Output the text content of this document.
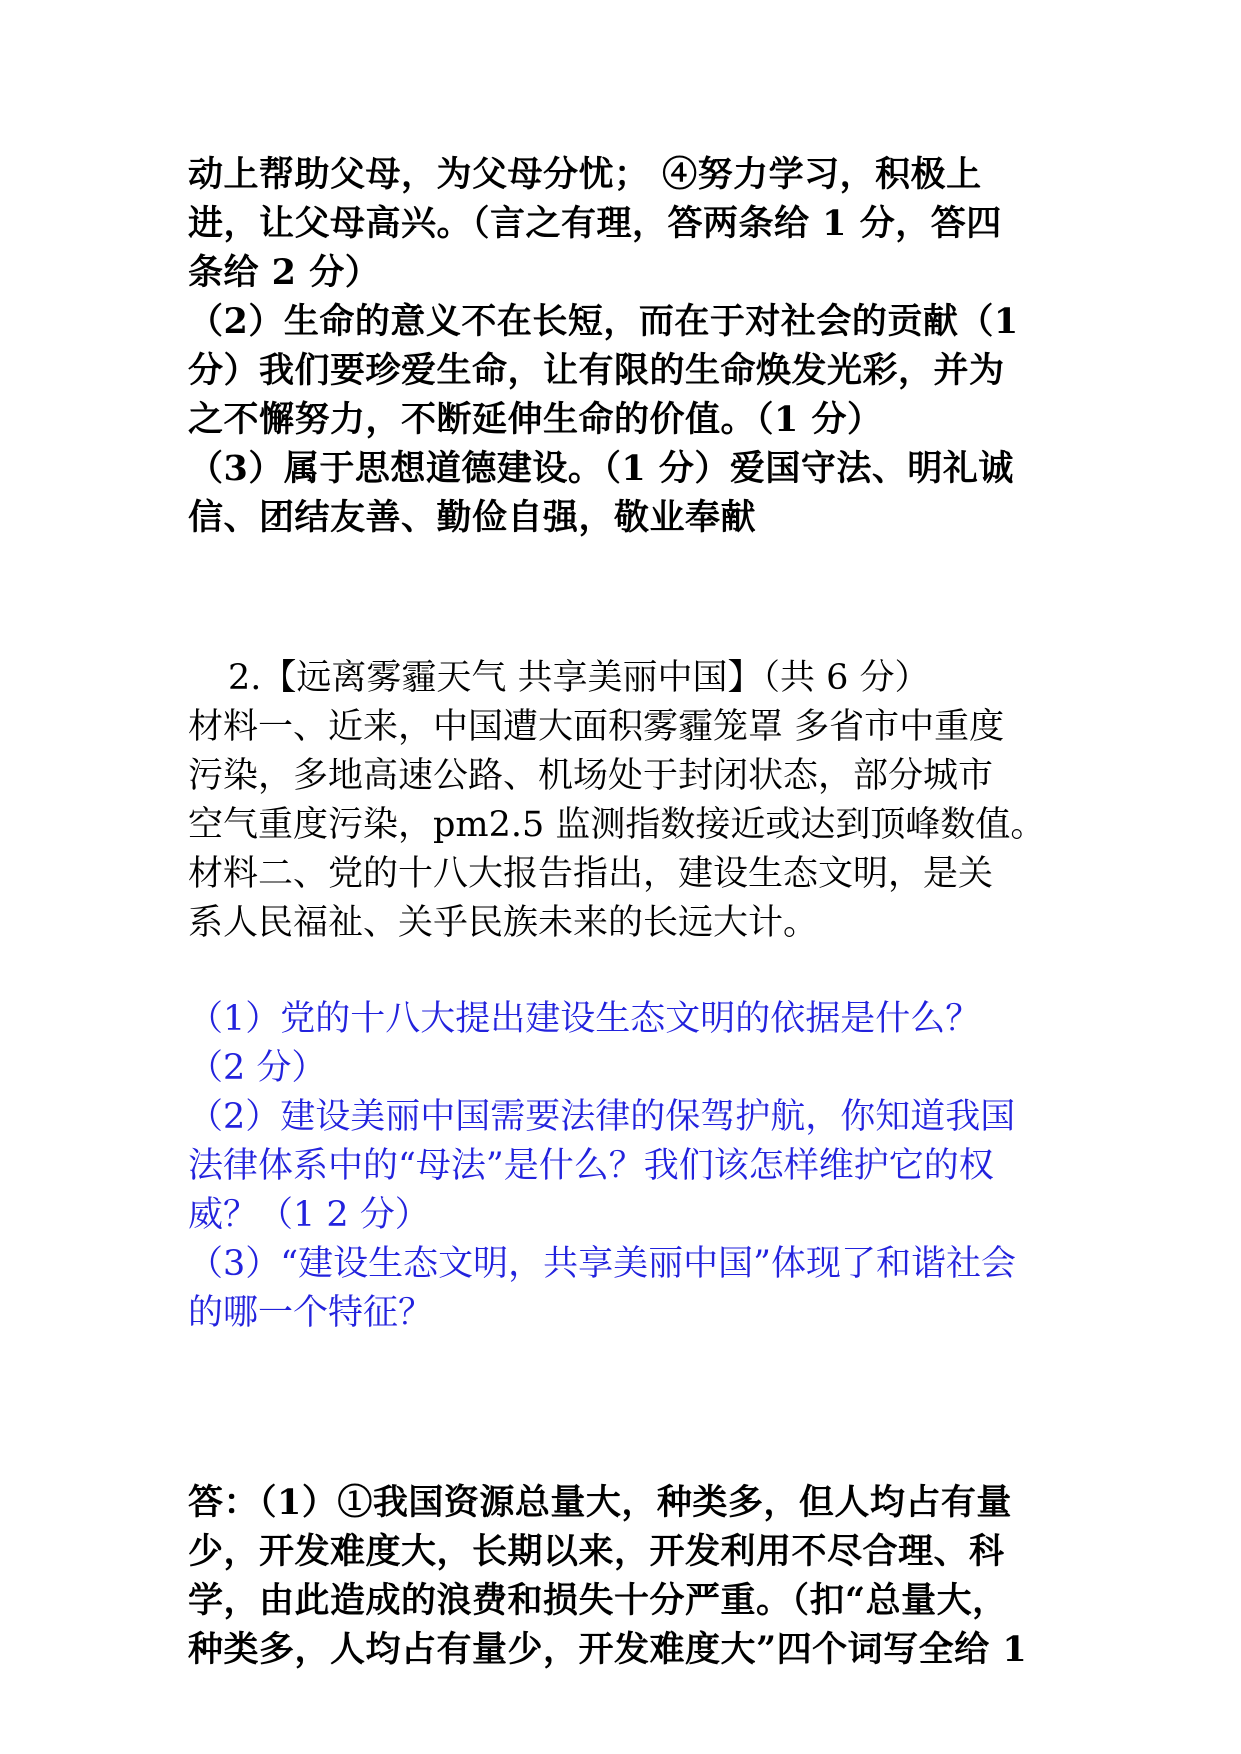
动上帮助父母，为父母分忧； ④努力学习，积极上
进，让父母高兴。（言之有理，答两条给 1 分，答四
条给 2 分）
（2）生命的意义不在长短，而在于对社会的贡献（1
分）我们要珍爱生命，让有限的生命焕发光彩，并为
之不懈努力，不断延伸生命的价值。（1 分）
（3）属于思想道德建设。（1 分）爱国守法、明礼诚
信、团结友善、勤俭自强，敬业奉献
2.【远离雾霾天气 共享美丽中国】（共 6 分）
材料一、近来，中国遭大面积雾霾笼罩 多省市中重度
污染，多地高速公路、机场处于封闭状态，部分城市
空气重度污染，pm2.5 监测指数接近或达到顶峰数值。
材料二、党的十八大报告指出，建设生态文明，是关
系人民福祉、关乎民族未来的长远大计。
（1）党的十八大提出建设生态文明的依据是什么？
（2 分）
（2）建设美丽中国需要法律的保驾护航，你知道我国
法律体系中的“母法”是什么？我们该怎样维护它的权
威？（1 2 分）
（3）“建设生态文明，共享美丽中国”体现了和谐社会
的哪一个特征？
答：（1）①我国资源总量大，种类多，但人均占有量
少，开发难度大，长期以来，开发利用不尽合理、科
学，由此造成的浪费和损失十分严重。（扣“总量大，
种类多，人均占有量少，开发难度大”四个词写全给 1
